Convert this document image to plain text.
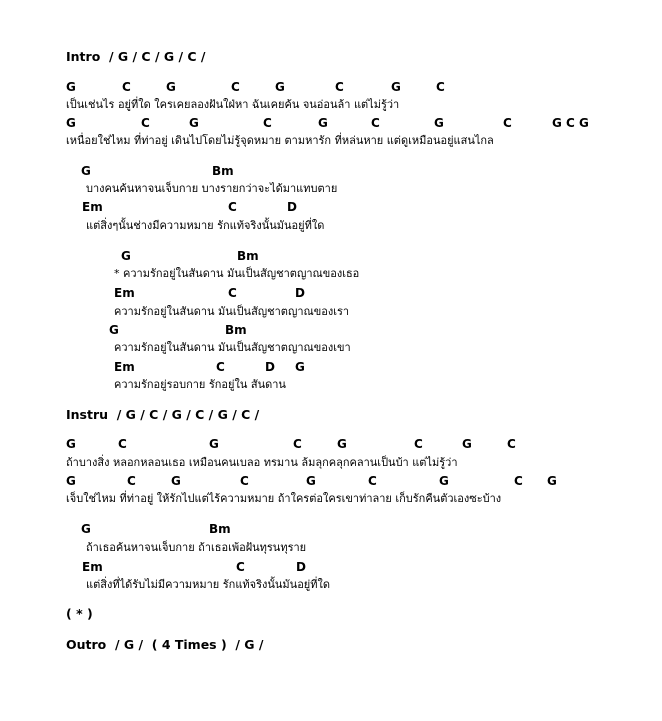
Intro  / G / C / G / C /
G	C	G	C	G	C	G	C
เป็นเช่นไร อยู่ที่ใด ใครเคยลองฝันใฝ่หา ฉันเคยค้น จนอ่อนล้า แต่ไม่รู้ว่า
G	C	G	C	G	C	G	C	G C G
เหนื่อยใช่ไหม ที่ท่าอยู่ เดินไปโดยไม่รู้จุดหมาย ตามหารัก ที่หล่นหาย แต่ดูเหมือนอยู่แสนไกล
G	Bm
บางคนค้นหาจนเจ็บกาย บางรายกว่าจะได้มาแทบตาย
Em	C	D
แต่สิ่งๆนั้นช่างมีความหมาย รักแท้จริงนั้นมันอยู่ที่ใด
G	Bm
* ความรักอยู่ในสันดาน มันเป็นสัญชาตญาณของเธอ
Em	C	D
ความรักอยู่ในสันดาน มันเป็นสัญชาตญาณของเรา
G	Bm
ความรักอยู่ในสันดาน มันเป็นสัญชาตญาณของเขา
Em	C	D G
ความรักอยู่รอบกาย รักอยู่ใน สันดาน
Instru  / G / C / G / C / G / C /
G	C	G	C	G	C	G	C
ถ้าบางสิ่ง หลอกหลอนเธอ เหมือนคนเบลอ ทรมาน ล้มลุกคลุกคลานเป็นบ้า แต่ไม่รู้ว่า
G	C	G	C	G	C	G	C G
เจ็บใช่ไหม ที่ท่าอยู่ ให้รักไปแต่ไร้ความหมาย ถ้าใครต่อใครเขาท่าลาย เก็บรักคืนตัวเองซะบ้าง
G	Bm
ถ้าเธอค้นหาจนเจ็บกาย ถ้าเธอเพ้อฝันทุรนทุราย
Em	C	D
แต่สิ่งที่ได้รับไม่มีความหมาย รักแท้จริงนั้นมันอยู่ที่ใด
( * )
Outro  / G /  ( 4 Times )  / G /
